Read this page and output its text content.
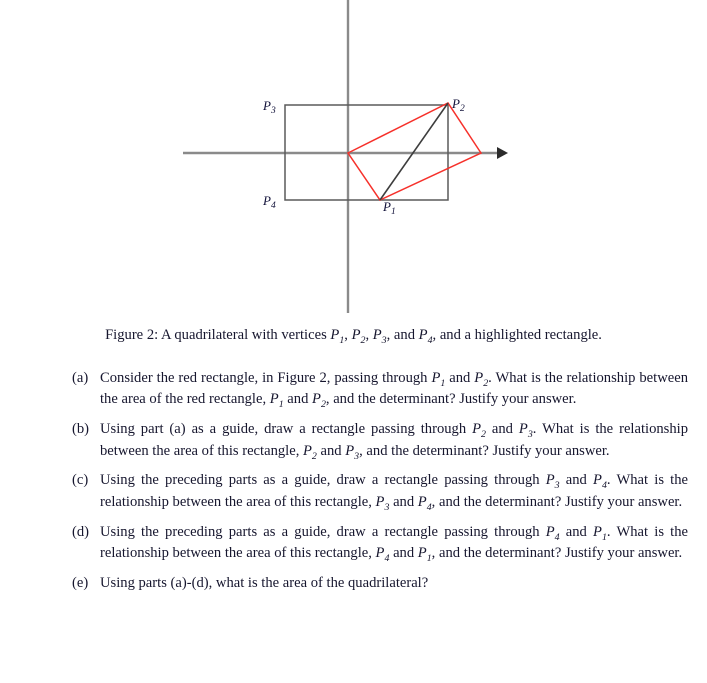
$P_3$
$P_4$
$P_2$
$P_1$
Figure 2: A quadrilateral with vertices $P_1$, $P_2$, $P_3$, and $P_4$, and a highlighted rectangle.
(a) Consider the red rectangle, in Figure 2, passing through $P_1$ and $P_2$. What is the relationship between the area of the red rectangle, $P_1$ and $P_2$, and the determinant? Justify your answer.
(b) Using part (a) as a guide, draw a rectangle passing through $P_2$ and $P_3$. What is the relationship between the area of this rectangle, $P_2$ and $P_3$, and the determinant? Justify your answer.
(c) Using the preceding parts as a guide, draw a rectangle passing through $P_3$ and $P_4$. What is the relationship between the area of this rectangle, $P_3$ and $P_4$, and the determinant? Justify your answer.
(d) Using the preceding parts as a guide, draw a rectangle passing through $P_4$ and $P_1$. What is the relationship between the area of this rectangle, $P_4$ and $P_1$, and the determinant? Justify your answer.
(e) Using parts (a)-(d), what is the area of the quadrilateral?
